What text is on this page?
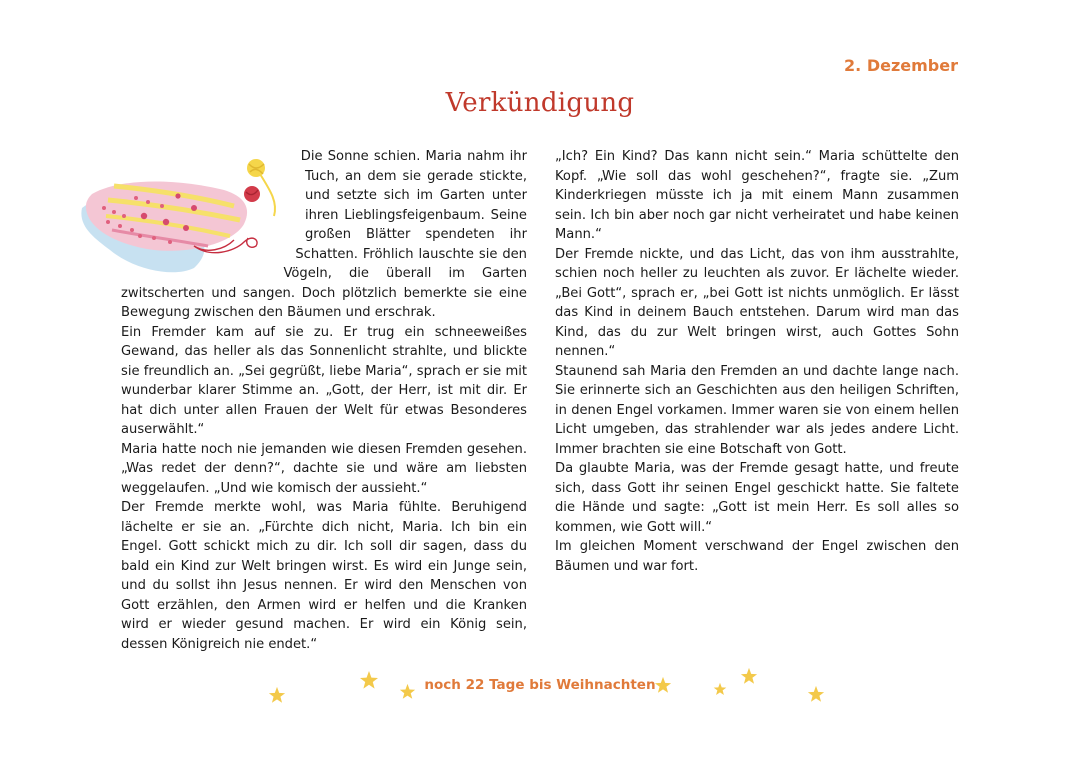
2. Dezember
Verkündigung

Die Sonne schien. Maria nahm ihr Tuch, an dem sie gerade stickte, und setzte sich im Garten unter ihren Lieblingsfeigenbaum. Seine großen Blätter spendeten ihr Schatten. Fröhlich lauschte sie den Vögeln, die überall im Garten zwitscherten und sangen. Doch plötzlich bemerkte sie eine Bewegung zwischen den Bäumen und erschrak.

Ein Fremder kam auf sie zu. Er trug ein schneeweißes Gewand, das heller als das Sonnenlicht strahlte, und blickte sie freundlich an. „Sei gegrüßt, liebe Maria“, sprach er sie mit wunderbar klarer Stimme an. „Gott, der Herr, ist mit dir. Er hat dich unter allen Frauen der Welt für etwas Besonderes auserwählt.“

Maria hatte noch nie jemanden wie diesen Fremden gesehen. „Was redet der denn?“, dachte sie und wäre am liebsten weggelaufen. „Und wie komisch der aussieht.“

Der Fremde merkte wohl, was Maria fühlte. Beruhigend lächelte er sie an. „Fürchte dich nicht, Maria. Ich bin ein Engel. Gott schickt mich zu dir. Ich soll dir sagen, dass du bald ein Kind zur Welt bringen wirst. Es wird ein Junge sein, und du sollst ihn Jesus nennen. Er wird den Menschen von Gott erzählen, den Armen wird er helfen und die Kranken wird er wieder gesund machen. Er wird ein König sein, dessen Königreich nie endet.“

„Ich? Ein Kind? Das kann nicht sein.“ Maria schüttelte den Kopf. „Wie soll das wohl geschehen?“, fragte sie. „Zum Kinderkriegen müsste ich ja mit einem Mann zusammen sein. Ich bin aber noch gar nicht verheiratet und habe keinen Mann.“

Der Fremde nickte, und das Licht, das von ihm ausstrahlte, schien noch heller zu leuchten als zuvor. Er lächelte wieder. „Bei Gott“, sprach er, „bei Gott ist nichts unmöglich. Er lässt das Kind in deinem Bauch entstehen. Darum wird man das Kind, das du zur Welt bringen wirst, auch Gottes Sohn nennen.“

Staunend sah Maria den Fremden an und dachte lange nach. Sie erinnerte sich an Geschichten aus den heiligen Schriften, in denen Engel vorkamen. Immer waren sie von einem hellen Licht umgeben, das strahlender war als jedes andere Licht. Immer brachten sie eine Botschaft von Gott.

Da glaubte Maria, was der Fremde gesagt hatte, und freute sich, dass Gott ihr seinen Engel geschickt hatte. Sie faltete die Hände und sagte: „Gott ist mein Herr. Es soll alles so kommen, wie Gott will.“

Im gleichen Moment verschwand der Engel zwischen den Bäumen und war fort.

noch 22 Tage bis Weihnachten
